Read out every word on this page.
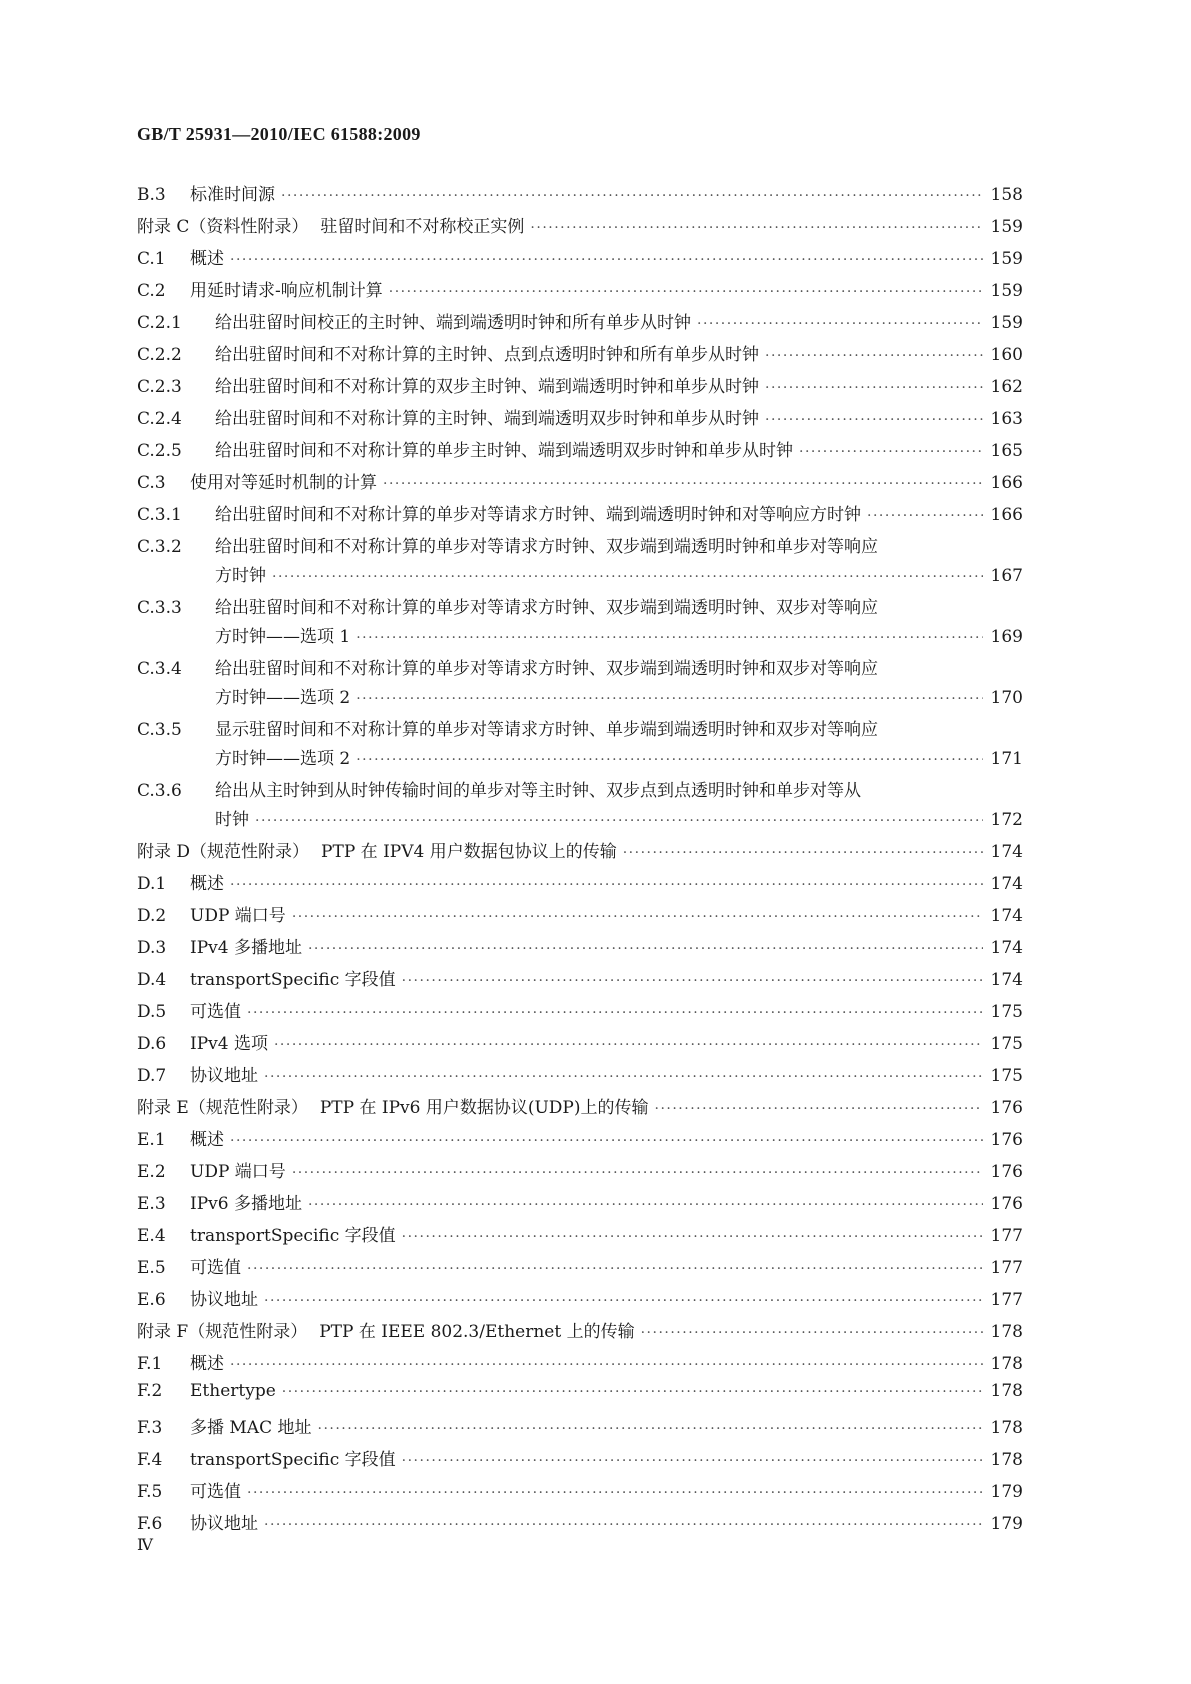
GB/T 25931—2010/IEC 61588:2009
B.3	标准时间源 ·····	158
附录 C（资料性附录） 驻留时间和不对称校正实例 ·····	159
C.1	概述 ·····	159
C.2	用延时请求-响应机制计算 ·····	159
C.2.1	给出驻留时间校正的主时钟、端到端透明时钟和所有单步从时钟 ·····	159
C.2.2	给出驻留时间和不对称计算的主时钟、点到点透明时钟和所有单步从时钟 ·····	160
C.2.3	给出驻留时间和不对称计算的双步主时钟、端到端透明时钟和单步从时钟 ·····	162
C.2.4	给出驻留时间和不对称计算的主时钟、端到端透明双步时钟和单步从时钟 ·····	163
C.2.5	给出驻留时间和不对称计算的单步主时钟、端到端透明双步时钟和单步从时钟 ·····	165
C.3	使用对等延时机制的计算 ·····	166
C.3.1	给出驻留时间和不对称计算的单步对等请求方时钟、端到端透明时钟和对等响应方时钟 ·····	166
C.3.2	给出驻留时间和不对称计算的单步对等请求方时钟、双步端到端透明时钟和单步对等响应
方时钟 ·····	167
C.3.3	给出驻留时间和不对称计算的单步对等请求方时钟、双步端到端透明时钟、双步对等响应
方时钟——选项 1 ·····	169
C.3.4	给出驻留时间和不对称计算的单步对等请求方时钟、双步端到端透明时钟和双步对等响应
方时钟——选项 2 ·····	170
C.3.5	显示驻留时间和不对称计算的单步对等请求方时钟、单步端到端透明时钟和双步对等响应
方时钟——选项 2 ·····	171
C.3.6	给出从主时钟到从时钟传输时间的单步对等主时钟、双步点到点透明时钟和单步对等从
时钟 ·····	172
附录 D（规范性附录） PTP 在 IPV4 用户数据包协议上的传输 ·····	174
D.1	概述 ·····	174
D.2	UDP 端口号 ·····	174
D.3	IPv4 多播地址 ·····	174
D.4	transportSpecific 字段值 ·····	174
D.5	可选值 ·····	175
D.6	IPv4 选项 ·····	175
D.7	协议地址 ·····	175
附录 E（规范性附录） PTP 在 IPv6 用户数据协议(UDP)上的传输 ·····	176
E.1	概述 ·····	176
E.2	UDP 端口号 ·····	176
E.3	IPv6 多播地址 ·····	176
E.4	transportSpecific 字段值 ·····	177
E.5	可选值 ·····	177
E.6	协议地址 ·····	177
附录 F（规范性附录） PTP 在 IEEE 802.3/Ethernet 上的传输 ·····	178
F.1	概述 ·····	178
F.2	Ethertype ·····	178
F.3	多播 MAC 地址 ·····	178
F.4	transportSpecific 字段值 ·····	178
F.5	可选值 ·····	179
F.6	协议地址 ·····	179
Ⅳ
